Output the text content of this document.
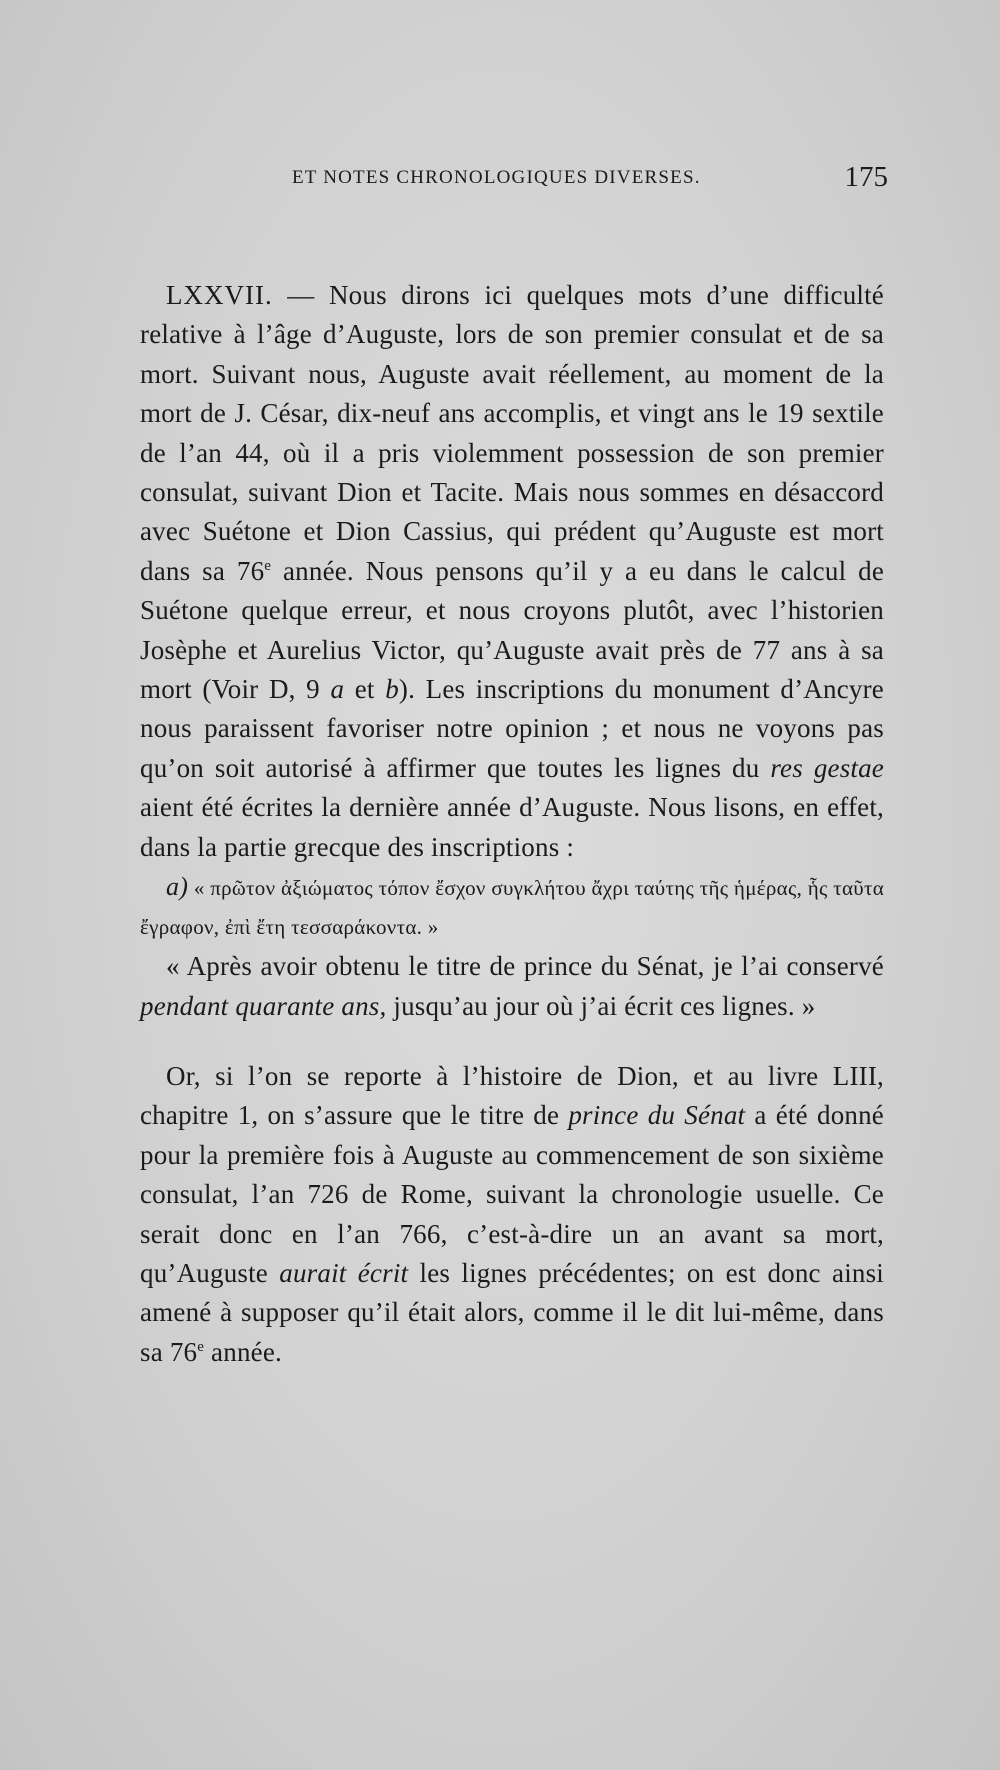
ET NOTES CHRONOLOGIQUES DIVERSES.	175

LXXVII. — Nous dirons ici quelques mots d’une difficulté relative à l’âge d’Auguste, lors de son premier consulat et de sa mort. Suivant nous, Auguste avait réellement, au moment de la mort de J. César, dix-neuf ans accomplis, et vingt ans le 19 sextile de l’an 44, où il a pris violemment possession de son premier consulat, suivant Dion et Tacite. Mais nous sommes en désaccord avec Suétone et Dion Cassius, qui prédent qu’Auguste est mort dans sa 76e année. Nous pensons qu’il y a eu dans le calcul de Suétone quelque erreur, et nous croyons plutôt, avec l’historien Josèphe et Aurelius Victor, qu’Auguste avait près de 77 ans à sa mort (Voir D, 9 a et b). Les inscriptions du monument d’Ancyre nous paraissent favoriser notre opinion ; et nous ne voyons pas qu’on soit autorisé à affirmer que toutes les lignes du res gestae aient été écrites la dernière année d’Auguste. Nous lisons, en effet, dans la partie grecque des inscriptions :

a) « πρῶτον ἀξιώματος τόπον ἔσχον συγκλήτου ἄχρι ταύτης τῆς ἡμέρας, ἧς ταῦτα ἔγραφον, ἐπὶ ἔτη τεσσαράκοντα. »

« Après avoir obtenu le titre de prince du Sénat, je l’ai conservé pendant quarante ans, jusqu’au jour où j’ai écrit ces lignes. »

Or, si l’on se reporte à l’histoire de Dion, et au livre LIII, chapitre 1, on s’assure que le titre de prince du Sénat a été donné pour la première fois à Auguste au commencement de son sixième consulat, l’an 726 de Rome, suivant la chronologie usuelle. Ce serait donc en l’an 766, c’est-à-dire un an avant sa mort, qu’Auguste aurait écrit les lignes précédentes; on est donc ainsi amené à supposer qu’il était alors, comme il le dit lui-même, dans sa 76e année.
